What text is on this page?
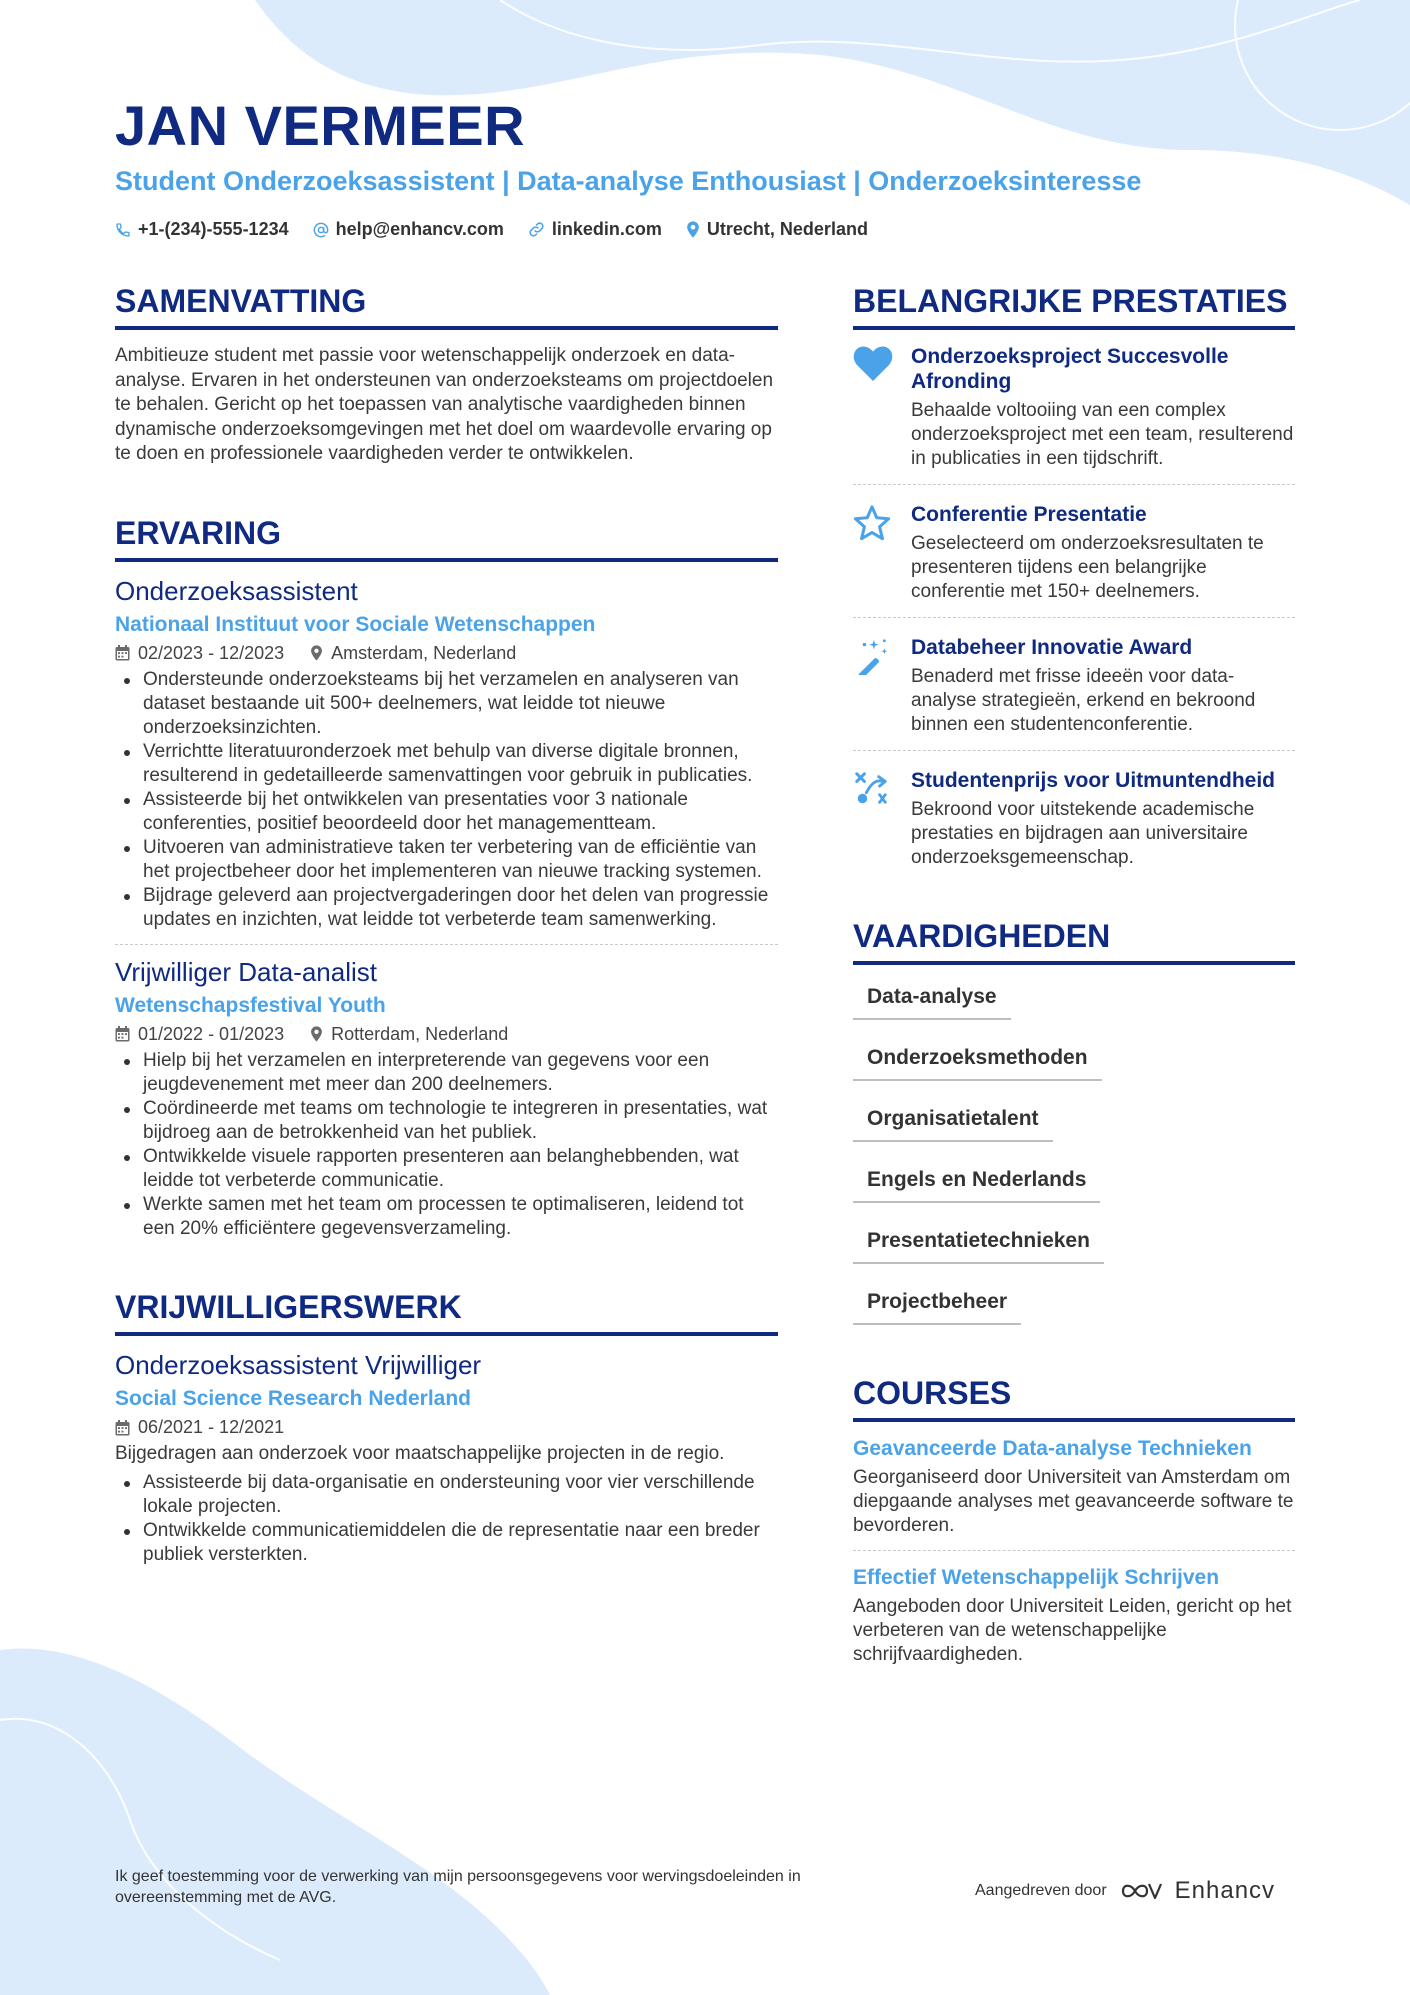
JAN VERMEER
Student Onderzoeksassistent | Data-analyse Enthousiast | Onderzoeksinteresse
+1-(234)-555-1234	help@enhancv.com	linkedin.com	Utrecht, Nederland
SAMENVATTING

Ambitieuze student met passie voor wetenschappelijk onderzoek en data-analyse. Ervaren in het ondersteunen van onderzoeksteams om projectdoelen te behalen. Gericht op het toepassen van analytische vaardigheden binnen dynamische onderzoeksomgevingen met het doel om waardevolle ervaring op te doen en professionele vaardigheden verder te ontwikkelen.

ERVARING
Onderzoeksassistent
Nationaal Instituut voor Sociale Wetenschappen
02/2023 - 12/2023	Amsterdam, Nederland
Ondersteunde onderzoeksteams bij het verzamelen en analyseren van dataset bestaande uit 500+ deelnemers, wat leidde tot nieuwe onderzoeksinzichten.
Verrichtte literatuuronderzoek met behulp van diverse digitale bronnen, resulterend in gedetailleerde samenvattingen voor gebruik in publicaties.
Assisteerde bij het ontwikkelen van presentaties voor 3 nationale conferenties, positief beoordeeld door het managementteam.
Uitvoeren van administratieve taken ter verbetering van de efficiëntie van het projectbeheer door het implementeren van nieuwe tracking systemen.
Bijdrage geleverd aan projectvergaderingen door het delen van progressie updates en inzichten, wat leidde tot verbeterde team samenwerking.
Vrijwilliger Data-analist
Wetenschapsfestival Youth
01/2022 - 01/2023	Rotterdam, Nederland
Hielp bij het verzamelen en interpreterende van gegevens voor een jeugdevenement met meer dan 200 deelnemers.
Coördineerde met teams om technologie te integreren in presentaties, wat bijdroeg aan de betrokkenheid van het publiek.
Ontwikkelde visuele rapporten presenteren aan belanghebbenden, wat leidde tot verbeterde communicatie.
Werkte samen met het team om processen te optimaliseren, leidend tot een 20% efficiëntere gegevensverzameling.
VRIJWILLIGERSWERK
Onderzoeksassistent Vrijwilliger
Social Science Research Nederland
06/2021 - 12/2021

Bijgedragen aan onderzoek voor maatschappelijke projecten in de regio.

Assisteerde bij data-organisatie en ondersteuning voor vier verschillende lokale projecten.
Ontwikkelde communicatiemiddelen die de representatie naar een breder publiek versterkten.
BELANGRIJKE PRESTATIES
Onderzoeksproject Succesvolle Afronding
Behaalde voltooiing van een complex onderzoeksproject met een team, resulterend in publicaties in een tijdschrift.
Conferentie Presentatie
Geselecteerd om onderzoeksresultaten te presenteren tijdens een belangrijke conferentie met 150+ deelnemers.
Databeheer Innovatie Award
Benaderd met frisse ideeën voor data-analyse strategieën, erkend en bekroond binnen een studentenconferentie.
Studentenprijs voor Uitmuntendheid
Bekroond voor uitstekende academische prestaties en bijdragen aan universitaire onderzoeksgemeenschap.
VAARDIGHEDEN
Data-analyse
Onderzoeksmethoden
Organisatietalent
Engels en Nederlands
Presentatietechnieken
Projectbeheer
COURSES
Geavanceerde Data-analyse Technieken
Georganiseerd door Universiteit van Amsterdam om diepgaande analyses met geavanceerde software te bevorderen.
Effectief Wetenschappelijk Schrijven
Aangeboden door Universiteit Leiden, gericht op het verbeteren van de wetenschappelijke schrijfvaardigheden.
Ik geef toestemming voor de verwerking van mijn persoonsgegevens voor wervingsdoeleinden in overeenstemming met de AVG.	Aangedreven door	Enhancv
